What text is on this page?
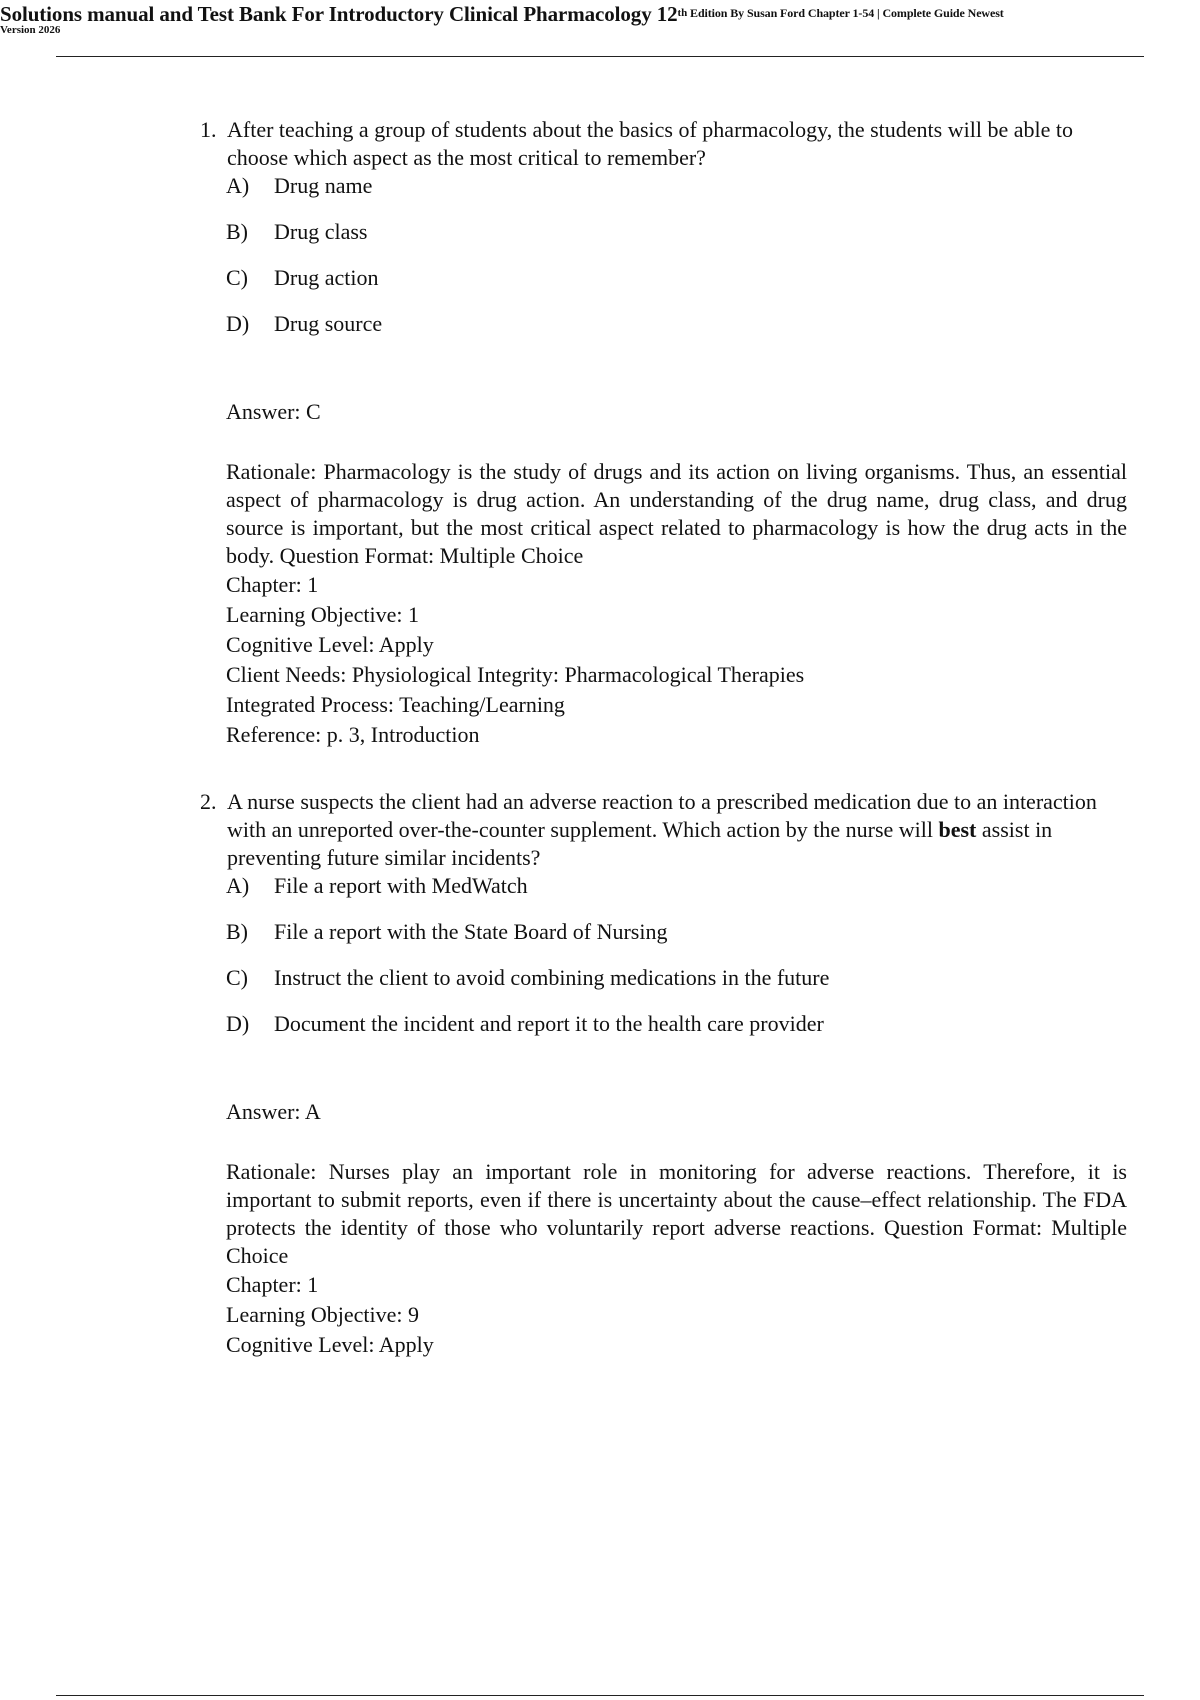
Solutions manual and Test Bank For Introductory Clinical Pharmacology 12th $^{Edition By Susan Ford Chapter 1-54 | Complete Guide Newest}$
Version 2026
1. After teaching a group of students about the basics of pharmacology, the students will be able to choose which aspect as the most critical to remember?
A)	Drug name
B)	Drug class
C)	Drug action
D)	Drug source
Answer: C
Rationale: Pharmacology is the study of drugs and its action on living organisms. Thus, an essential aspect of pharmacology is drug action. An understanding of the drug name, drug class, and drug source is important, but the most critical aspect related to pharmacology is how the drug acts in the body. Question Format: Multiple Choice
Chapter: 1
Learning Objective: 1
Cognitive Level: Apply
Client Needs: Physiological Integrity: Pharmacological Therapies
Integrated Process: Teaching/Learning
Reference: p. 3, Introduction
2. A nurse suspects the client had an adverse reaction to a prescribed medication due to an interaction with an unreported over-the-counter supplement. Which action by the nurse will best assist in preventing future similar incidents?
A)	File a report with MedWatch
B)	File a report with the State Board of Nursing
C)	Instruct the client to avoid combining medications in the future
D)	Document the incident and report it to the health care provider
Answer: A
Rationale: Nurses play an important role in monitoring for adverse reactions. Therefore, it is important to submit reports, even if there is uncertainty about the cause–effect relationship. The FDA protects the identity of those who voluntarily report adverse reactions. Question Format: Multiple Choice
Chapter: 1
Learning Objective: 9
Cognitive Level: Apply
